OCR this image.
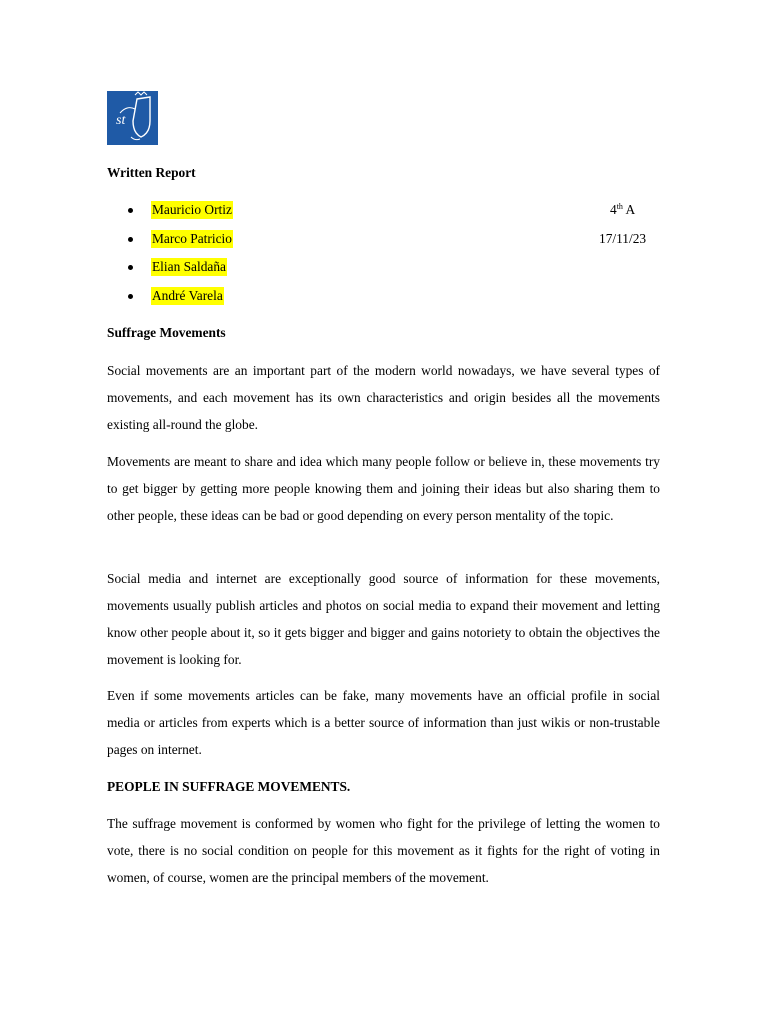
st
Written Report
Mauricio Ortiz
Marco Patricio
Elian Saldaña
André Varela
4th A
17/11/23
Suffrage Movements

Social movements are an important part of the modern world nowadays, we have several types of movements, and each movement has its own characteristics and origin besides all the movements existing all-round the globe.

Movements are meant to share and idea which many people follow or believe in, these movements try to get bigger by getting more people knowing them and joining their ideas but also sharing them to other people, these ideas can be bad or good depending on every person mentality of the topic.

Social media and internet are exceptionally good source of information for these movements, movements usually publish articles and photos on social media to expand their movement and letting know other people about it, so it gets bigger and bigger and gains notoriety to obtain the objectives the movement is looking for.

Even if some movements articles can be fake, many movements have an official profile in social media or articles from experts which is a better source of information than just wikis or non-trustable pages on internet.

PEOPLE IN SUFFRAGE MOVEMENTS.

The suffrage movement is conformed by women who fight for the privilege of letting the women to vote, there is no social condition on people for this movement as it fights for the right of voting in women, of course, women are the principal members of the movement.
